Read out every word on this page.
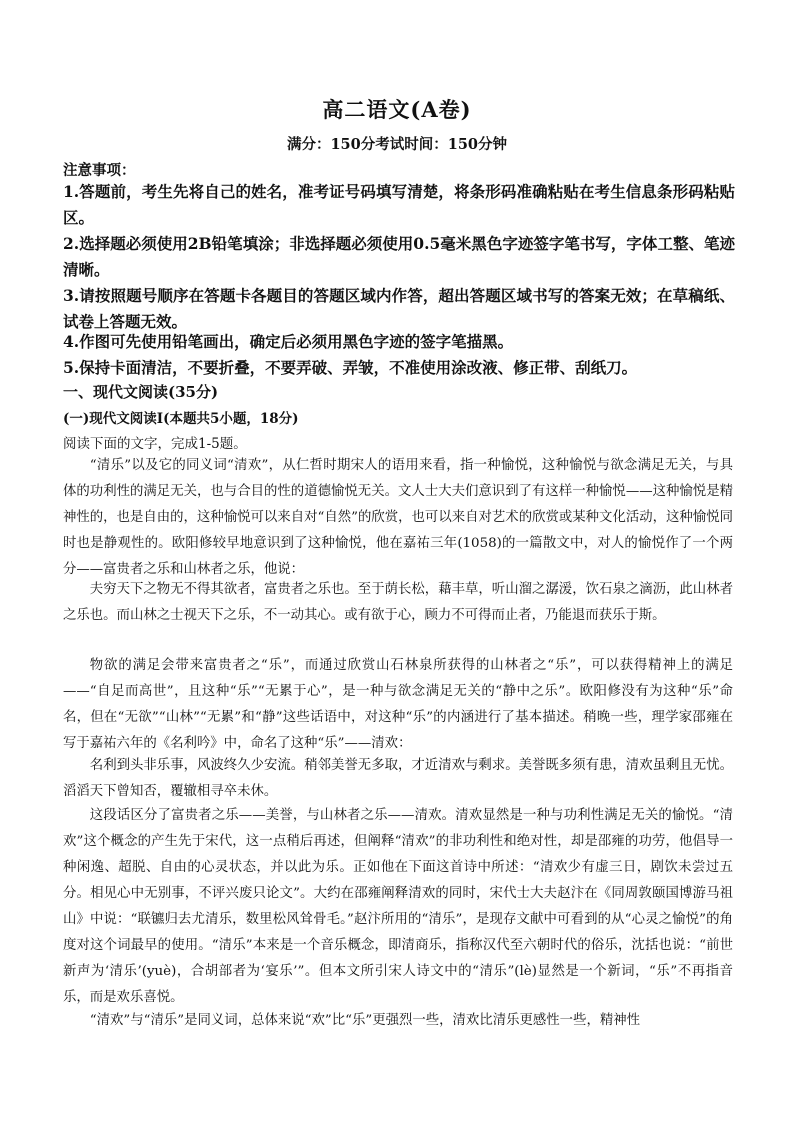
高二语文(A卷)
满分：150分考试时间：150分钟
注意事项：
1.答题前，考生先将自己的姓名，准考证号码填写清楚，将条形码准确粘贴在考生信息条形码粘贴区。
2.选择题必须使用2B铅笔填涂；非选择题必须使用0.5毫米黑色字迹签字笔书写，字体工整、笔迹清晰。
3.请按照题号顺序在答题卡各题目的答题区域内作答，超出答题区域书写的答案无效；在草稿纸、试卷上答题无效。
4.作图可先使用铅笔画出，确定后必须用黑色字迹的签字笔描黑。
5.保持卡面清洁，不要折叠，不要弄破、弄皱，不准使用涂改液、修正带、刮纸刀。
一、现代文阅读(35分)
(一)现代文阅读Ⅰ(本题共5小题，18分)
阅读下面的文字，完成1-5题。
“清乐”以及它的同义词“清欢”，从仁哲时期宋人的语用来看，指一种愉悦，这种愉悦与欲念满足无关，与具体的功利性的满足无关，也与合目的性的道德愉悦无关。文人士大夫们意识到了有这样一种愉悦——这种愉悦是精神性的，也是自由的，这种愉悦可以来自对“自然”的欣赏，也可以来自对艺术的欣赏或某种文化活动，这种愉悦同时也是静观性的。欧阳修较早地意识到了这种愉悦，他在嘉祐三年(1058)的一篇散文中，对人的愉悦作了一个两分——富贵者之乐和山林者之乐，他说：
夫穷天下之物无不得其欲者，富贵者之乐也。至于荫长松，藉丰草，听山溜之潺湲，饮石泉之滴沥，此山林者之乐也。而山林之士视天下之乐，不一动其心。或有欲于心，顾力不可得而止者，乃能退而获乐于斯。
物欲的满足会带来富贵者之“乐”，而通过欣赏山石林泉所获得的山林者之“乐”，可以获得精神上的满足——“自足而高世”，且这种“乐”“无累于心”，是一种与欲念满足无关的“静中之乐”。欧阳修没有为这种“乐”命名，但在“无欲”“山林”“无累”和“静”这些话语中，对这种“乐”的内涵进行了基本描述。稍晚一些，理学家邵雍在写于嘉祐六年的《名利吟》中，命名了这种“乐”——清欢：
名利到头非乐事，风波终久少安流。稍邻美誉无多取，才近清欢与剩求。美誉既多须有患，清欢虽剩且无忧。滔滔天下曾知否，覆辙相寻卒未休。
这段话区分了富贵者之乐——美誉，与山林者之乐——清欢。清欢显然是一种与功利性满足无关的愉悦。“清欢”这个概念的产生先于宋代，这一点稍后再述，但阐释“清欢”的非功利性和绝对性，却是邵雍的功劳，他倡导一种闲逸、超脱、自由的心灵状态，并以此为乐。正如他在下面这首诗中所述：“清欢少有虚三日，剧饮未尝过五分。相见心中无别事，不评兴废只论文”。大约在邵雍阐释清欢的同时，宋代士大夫赵汴在《同周敦颐国博游马祖山》中说：“联镳归去尤清乐，数里松风耸骨毛。”赵汴所用的“清乐”，是现存文献中可看到的从“心灵之愉悦”的角度对这个词最早的使用。“清乐”本来是一个音乐概念，即清商乐，指称汉代至六朝时代的俗乐，沈括也说：“前世新声为‘清乐’(yuè)，合胡部者为‘宴乐’”。但本文所引宋人诗文中的“清乐”(lè)显然是一个新词，“乐”不再指音乐，而是欢乐喜悦。
“清欢”与“清乐”是同义词，总体来说“欢”比“乐”更强烈一些，清欢比清乐更感性一些，精神性
